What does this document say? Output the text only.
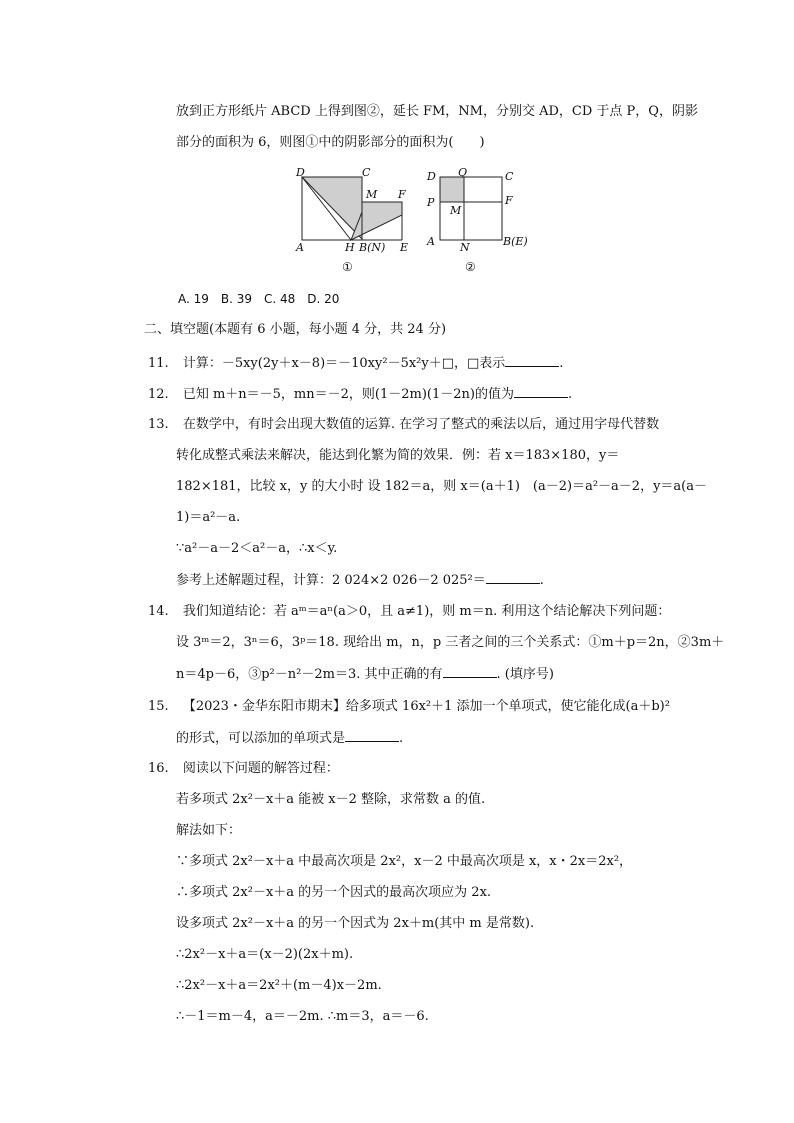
放到正方形纸片 ABCD 上得到图②，延长 FM，NM，分别交 AD，CD 于点 P，Q，阴影
部分的面积为 6，则图①中的阴影部分的面积为(　　)
D	C
M F
A	H B(N) E
①
D Q	C
P
M
F
A N	B(E)
②
A. 19　B. 39　C. 48　D. 20
二、填空题(本题有 6 小题，每小题 4 分，共 24 分)
11. 计算：－5xy(2y＋x－8)＝－10xy²－5x²y＋□，□表示	.
12. 已知 m＋n＝－5，mn＝－2，则(1－2m)(1－2n)的值为	.
13. 在数学中，有时会出现大数值的运算. 在学习了整式的乘法以后，通过用字母代替数
转化成整式乘法来解决，能达到化繁为简的效果．例：若 x＝183×180，y＝
182×181，比较 x，y 的大小时 设 182＝a，则 x＝(a＋1)　(a－2)＝a²－a－2，y＝a(a－
1)＝a²－a.
∵a²－a－2＜a²－a，∴x＜y.
参考上述解题过程，计算：2 024×2 026－2 025²＝	.
14. 我们知道结论：若 aᵐ＝aⁿ(a＞0，且 a≠1)，则 m＝n. 利用这个结论解决下列问题：
设 3ᵐ＝2，3ⁿ＝6，3ᵖ＝18. 现给出 m，n，p 三者之间的三个关系式：①m＋p＝2n，②3m＋
n＝4p－6，③p²－n²－2m＝3. 其中正确的有	. (填序号)
15. 【2023・金华东阳市期末】给多项式 16x²＋1 添加一个单项式，使它能化成(a＋b)²
的形式，可以添加的单项式是	.
16. 阅读以下问题的解答过程：
若多项式 2x²－x＋a 能被 x－2 整除，求常数 a 的值.
解法如下：
∵多项式 2x²－x＋a 中最高次项是 2x²，x－2 中最高次项是 x，x・2x＝2x²，
∴多项式 2x²－x＋a 的另一个因式的最高次项应为 2x.
设多项式 2x²－x＋a 的另一个因式为 2x＋m(其中 m 是常数).
∴2x²－x＋a＝(x－2)(2x＋m).
∴2x²－x＋a＝2x²＋(m－4)x－2m.
∴－1＝m－4，a＝－2m. ∴m＝3，a＝－6.
